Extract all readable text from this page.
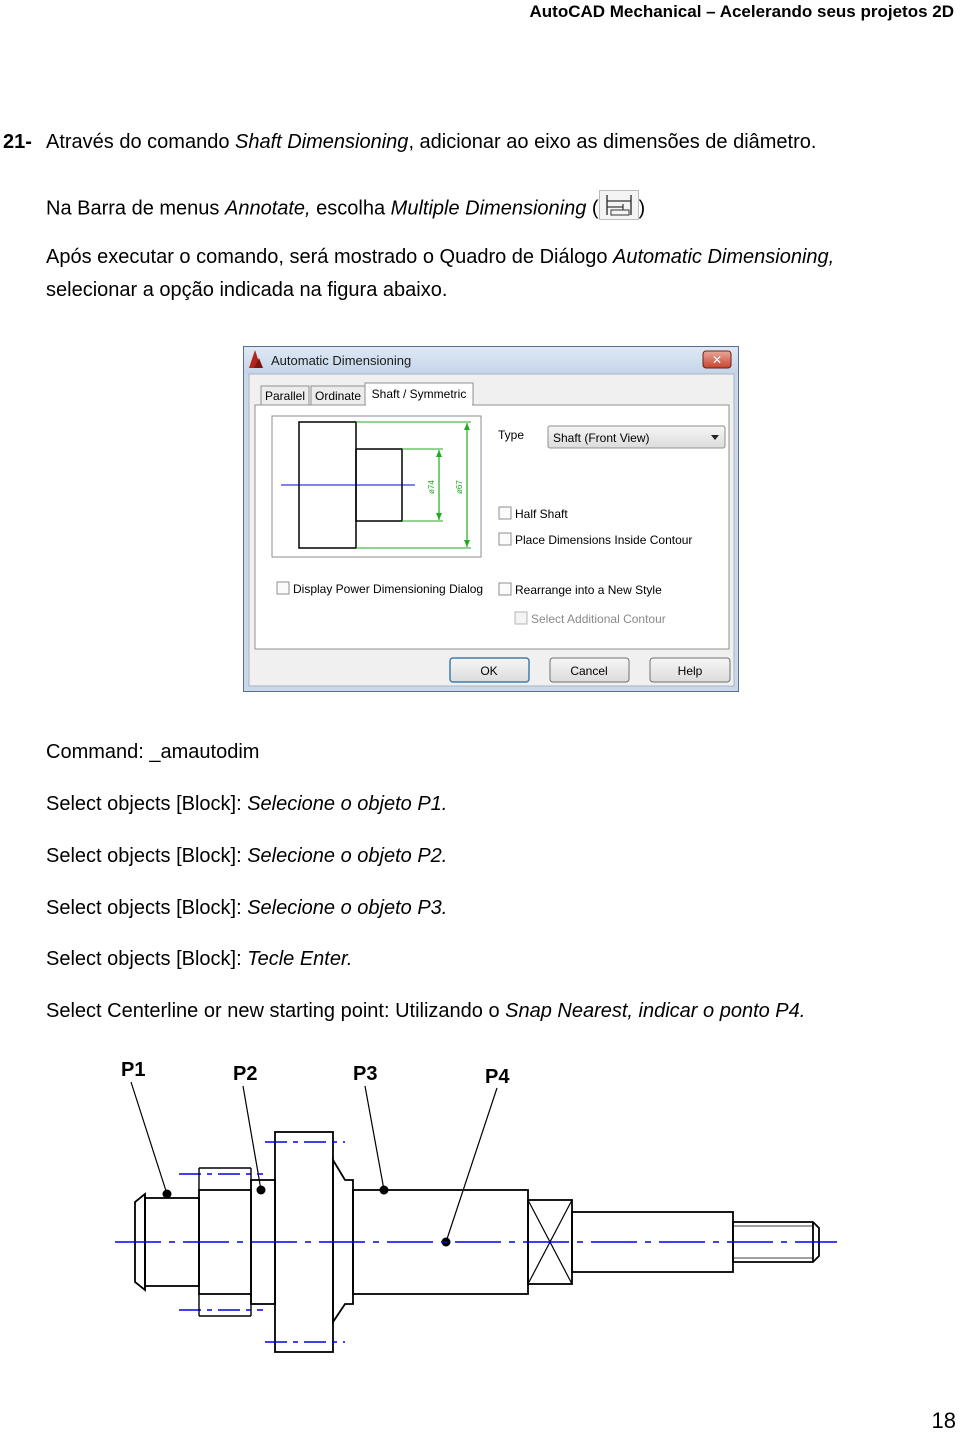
AutoCAD Mechanical – Acelerando seus projetos 2D
21- Através do comando Shaft Dimensioning, adicionar ao eixo as dimensões de diâmetro.
Na Barra de menus Annotate, escolha Multiple Dimensioning ( )
Após executar o comando, será mostrado o Quadro de Diálogo Automatic Dimensioning,
selecionar a opção indicada na figura abaixo.
Automatic Dimensioning	✕
Parallel Ordinate Shaft / Symmetric
ø74 ø67
Type Shaft (Front View)
Half Shaft
Place Dimensions Inside Contour
Display Power Dimensioning Dialog	Rearrange into a New Style
Select Additional Contour
OK	Cancel	Help
Command: _amautodim
Select objects [Block]: Selecione o objeto P1.
Select objects [Block]: Selecione o objeto P2.
Select objects [Block]: Selecione o objeto P3.
Select objects [Block]: Tecle Enter.
Select Centerline or new starting point: Utilizando o Snap Nearest, indicar o ponto P4.
P1	P2	P3	P4
18
